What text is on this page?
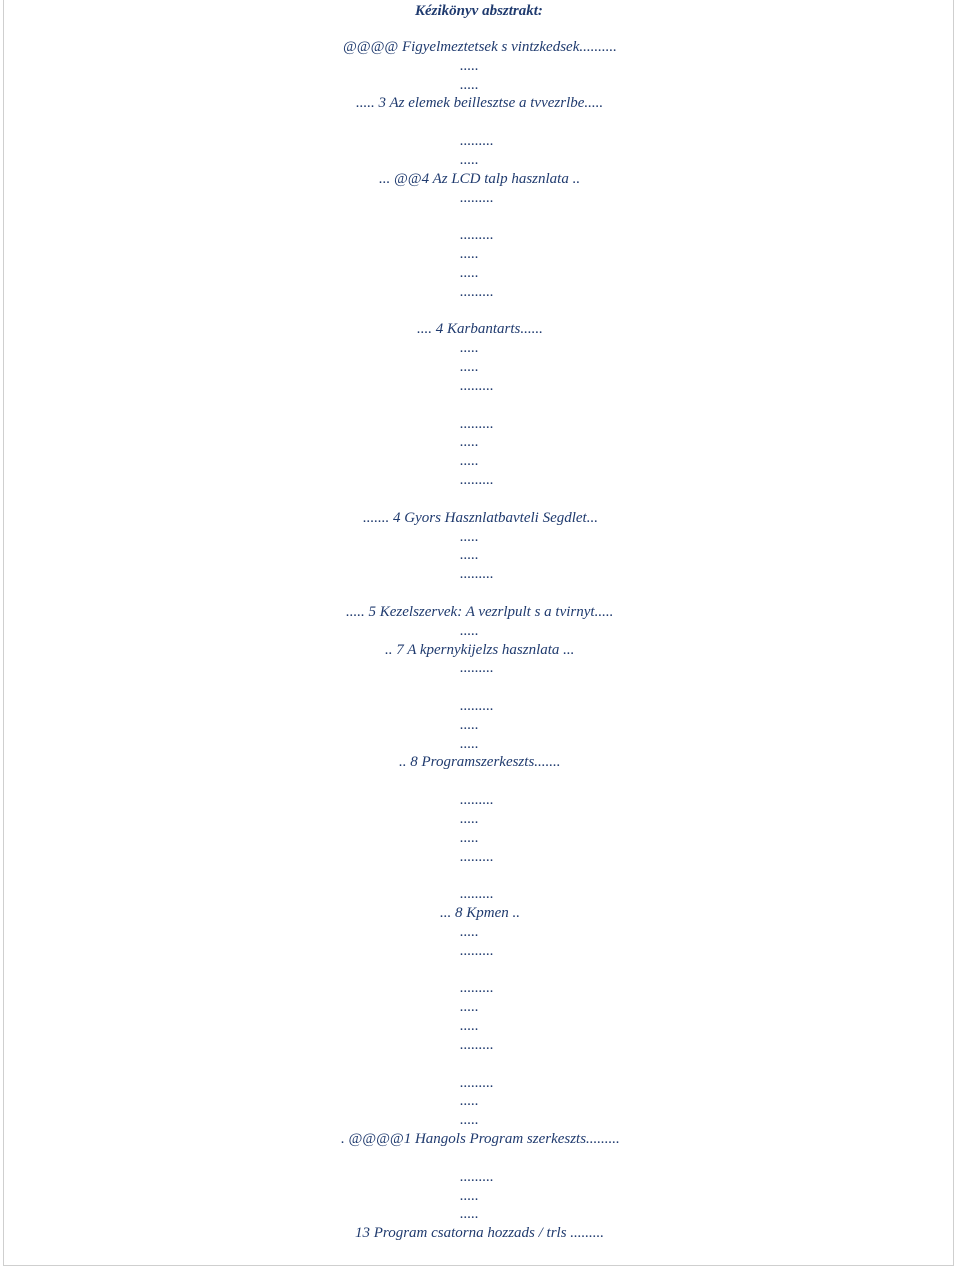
Kézikönyv absztrakt:
@@@@ Figyelmeztetsek s vintzkedsek..........
.....
.....
..... 3 Az elemek beillesztse a tvvezrlbe.....
.........
.....
... @@4 Az LCD talp hasznlata ..
.........
.........
.....
.....
.........
.... 4 Karbantarts......
.....
.....
.........
.........
.....
.....
.........
....... 4 Gyors Hasznlatbavteli Segdlet...
.....
.....
.........
..... 5 Kezelszervek: A vezrlpult s a tvirnyt.....
.....
.. 7 A kpernykijelzs hasznlata ...
.........
.........
.....
.....
.. 8 Programszerkeszts.......
.........
.....
.....
.........
.........
... 8 Kpmen ..
.....
.........
.........
.....
.....
.........
.........
.....
.....
. @@@@1 Hangols Program szerkeszts.........
.........
.....
.....
13 Program csatorna hozzads / trls .........
